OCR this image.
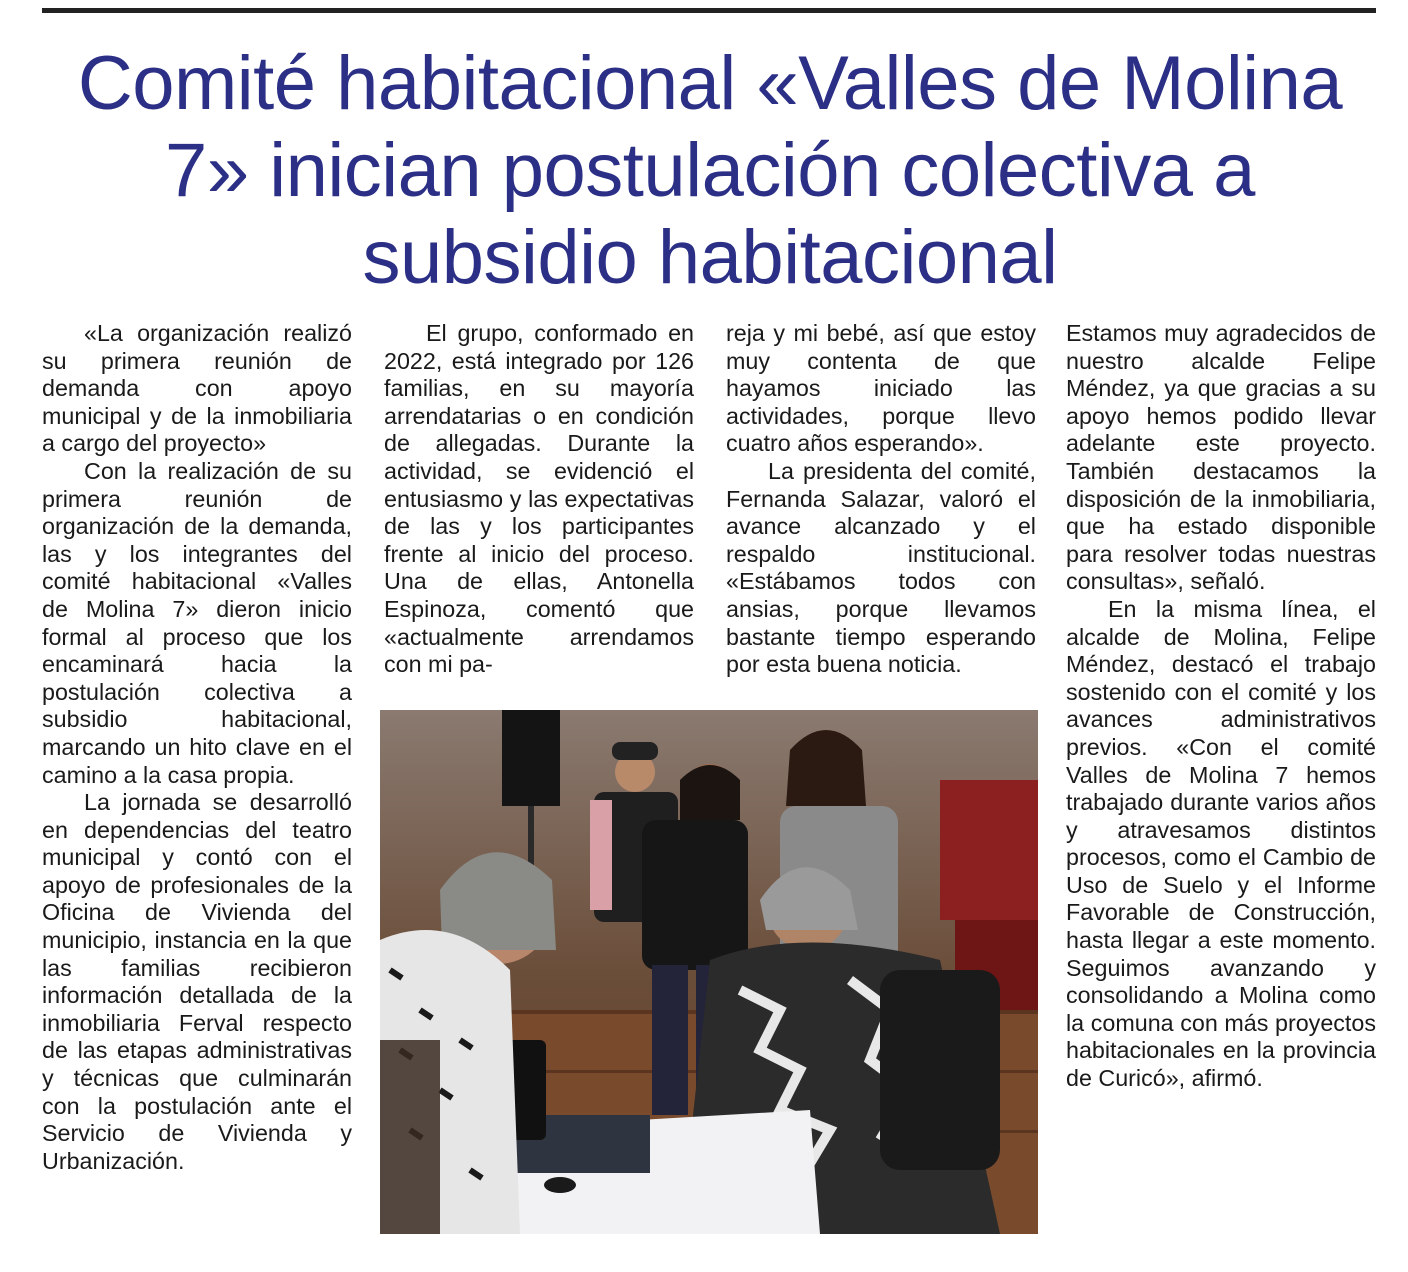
Comité habitacional «Valles de Molina 7» inician postulación colectiva a subsidio habitacional

«La organización realizó su primera reunión de demanda con apoyo municipal y de la inmobiliaria a cargo del proyecto»

Con la realización de su primera reunión de organización de la demanda, las y los integrantes del comité habitacional «Valles de Molina 7» dieron inicio formal al proceso que los encaminará hacia la postulación colectiva a subsidio habitacional, marcando un hito clave en el camino a la casa propia.

La jornada se desarrolló en dependencias del teatro municipal y contó con el apoyo de profesionales de la Oficina de Vivienda del municipio, instancia en la que las familias recibieron información detallada de la inmobiliaria Ferval respecto de las etapas administrativas y técnicas que culminarán con la postulación ante el Servicio de Vivienda y Urbanización.

El grupo, conformado en 2022, está integrado por 126 familias, en su mayoría arrendatarias o en condición de allegadas. Durante la actividad, se evidenció el entusiasmo y las expectativas de las y los participantes frente al inicio del proceso. Una de ellas, Antonella Espinoza, comentó que «actualmente arrendamos con mi pa-

reja y mi bebé, así que estoy muy contenta de que hayamos iniciado las actividades, porque llevo cuatro años esperando».

La presidenta del comité, Fernanda Salazar, valoró el avance alcanzado y el respaldo institucional. «Estábamos todos con ansias, porque llevamos bastante tiempo esperando por esta buena noticia.

Estamos muy agradecidos de nuestro alcalde Felipe Méndez, ya que gracias a su apoyo hemos podido llevar adelante este proyecto. También destacamos la disposición de la inmobiliaria, que ha estado disponible para resolver todas nuestras consultas», señaló.

En la misma línea, el alcalde de Molina, Felipe Méndez, destacó el trabajo sostenido con el comité y los avances administrativos previos. «Con el comité Valles de Molina 7 hemos trabajado durante varios años y atravesamos distintos procesos, como el Cambio de Uso de Suelo y el Informe Favorable de Construcción, hasta llegar a este momento. Seguimos avanzando y consolidando a Molina como la comuna con más proyectos habitacionales en la provincia de Curicó», afirmó.
